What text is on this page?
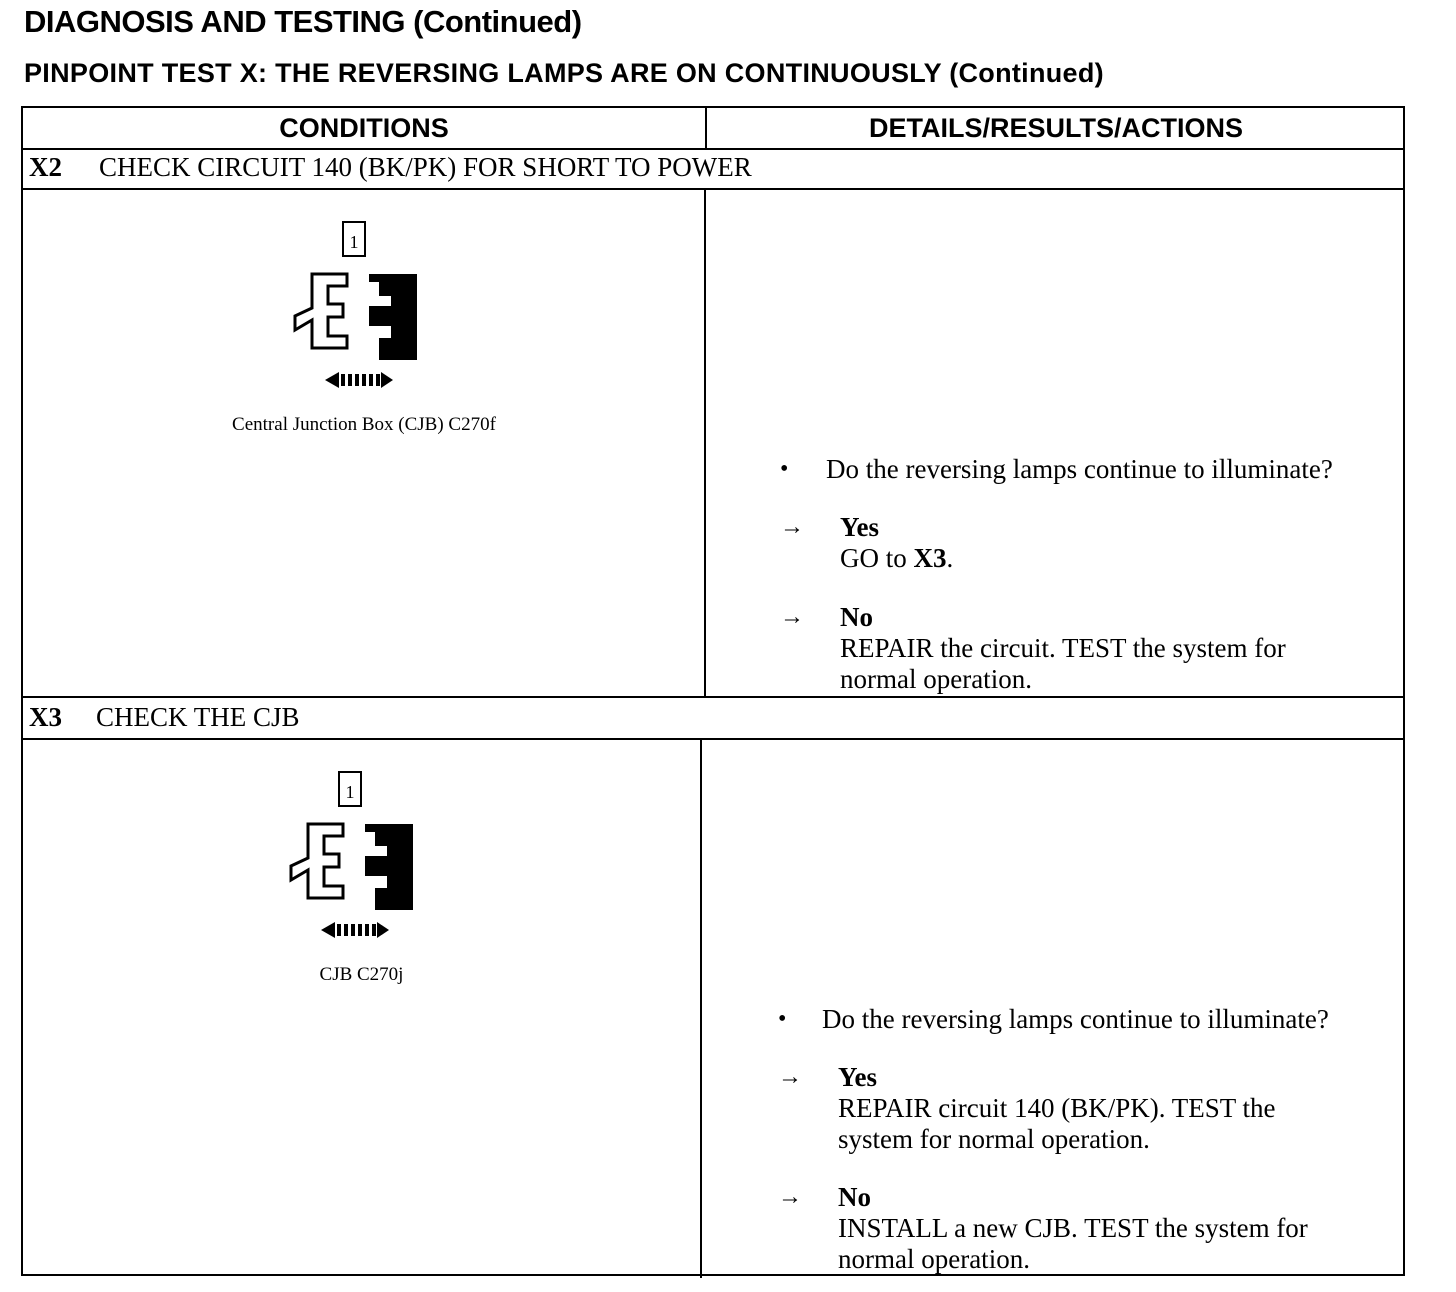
DIAGNOSIS AND TESTING (Continued)
PINPOINT TEST X: THE REVERSING LAMPS ARE ON CONTINUOUSLY (Continued)
CONDITIONS	DETAILS/RESULTS/ACTIONS
X2 CHECK CIRCUIT 140 (BK/PK) FOR SHORT TO POWER
1
Central Junction Box (CJB) C270f
• Do the reversing lamps continue to illuminate?
→ Yes
GO to X3.
→ No
REPAIR the circuit. TEST the system for
normal operation.
X3 CHECK THE CJB
1
CJB C270j
• Do the reversing lamps continue to illuminate?
→ Yes
REPAIR circuit 140 (BK/PK). TEST the
system for normal operation.
→ No
INSTALL a new CJB. TEST the system for
normal operation.
